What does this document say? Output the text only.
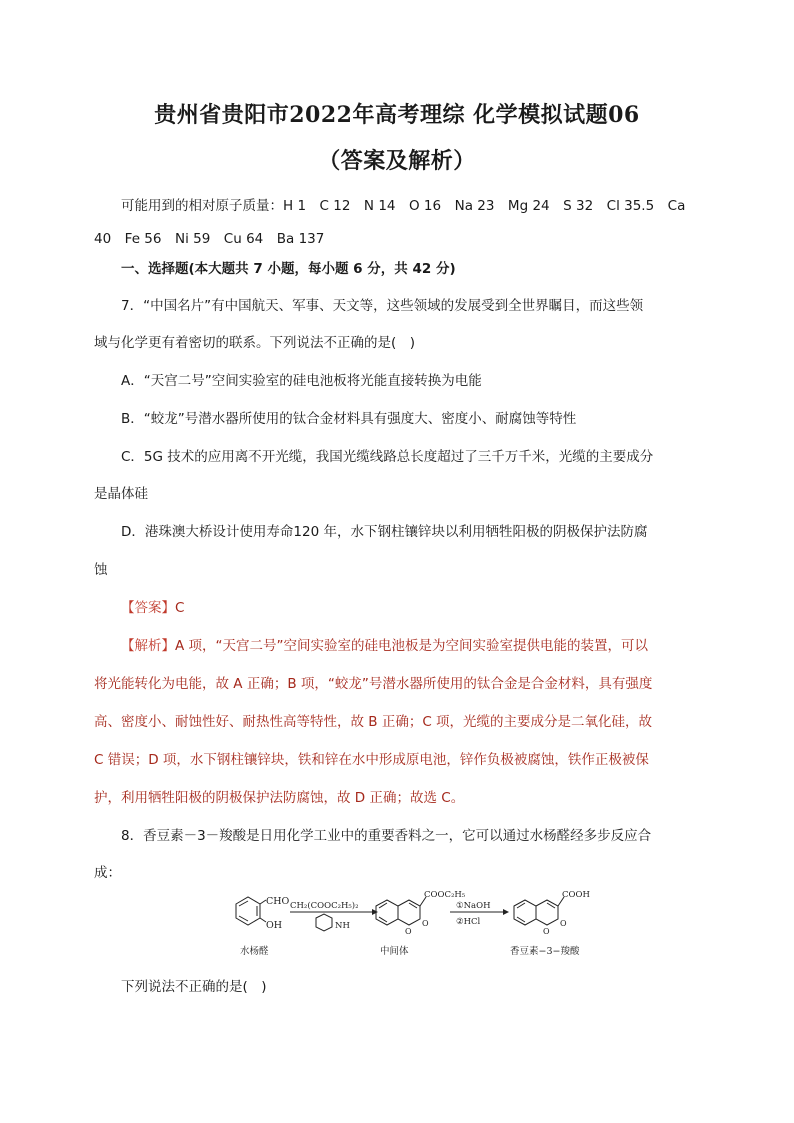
贵州省贵阳市2022年高考理综 化学模拟试题06
（答案及解析）
可能用到的相对原子质量：H 1　C 12　N 14　O 16　Na 23　Mg 24　S 32　Cl 35.5　Ca
40　Fe 56　Ni 59　Cu 64　Ba 137
一、选择题(本大题共 7 小题，每小题 6 分，共 42 分)
7．“中国名片”有中国航天、军事、天文等，这些领域的发展受到全世界瞩目，而这些领
域与化学更有着密切的联系。下列说法不正确的是(　)
A．“天宫二号”空间实验室的硅电池板将光能直接转换为电能
B．“蛟龙”号潜水器所使用的钛合金材料具有强度大、密度小、耐腐蚀等特性
C．5G 技术的应用离不开光缆，我国光缆线路总长度超过了三千万千米，光缆的主要成分
是晶体硅
D．港珠澳大桥设计使用寿命120 年，水下钢柱镶锌块以利用牺牲阳极的阴极保护法防腐
蚀
【答案】C
【解析】A 项，“天宫二号”空间实验室的硅电池板是为空间实验室提供电能的装置，可以
将光能转化为电能，故 A 正确；B 项，“蛟龙”号潜水器所使用的钛合金是合金材料，具有强度
高、密度小、耐蚀性好、耐热性高等特性，故 B 正确；C 项，光缆的主要成分是二氧化硅，故
C 错误；D 项，水下钢柱镶锌块，铁和锌在水中形成原电池，锌作负极被腐蚀，铁作正极被保
护，利用牺牲阳极的阴极保护法防腐蚀，故 D 正确；故选 C。
8．香豆素－3－羧酸是日用化学工业中的重要香料之一，它可以通过水杨醛经多步反应合
成：
CHO
OH
CH₂(COOC₂H₅)₂
NH
COOC₂H₅
O
O
①NaOH
②HCl
COOH
O
O
水杨醛	中间体	香豆素−3−羧酸
下列说法不正确的是(　)
